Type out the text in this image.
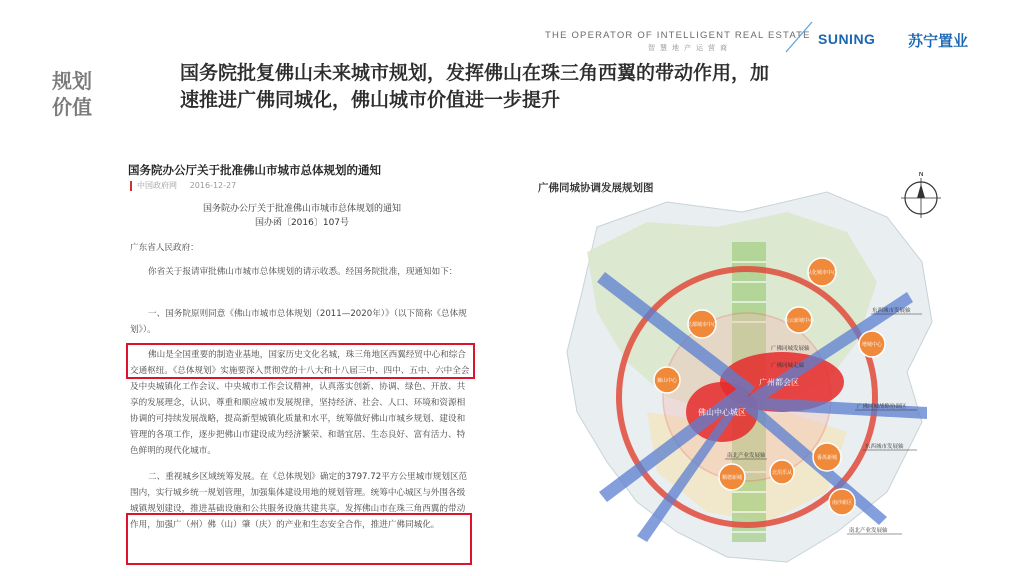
THE OPERATOR OF INTELLIGENT REAL ESTATE
智慧地产运营商
SUNING 苏宁置业
规划
价值
国务院批复佛山未来城市规划，发挥佛山在珠三角西翼的带动作用，加
速推进广佛同城化，佛山城市价值进一步提升
国务院办公厅关于批准佛山市城市总体规划的通知
中国政府网 2016-12-27
国务院办公厅关于批准佛山市城市总体规划的通知
国办函〔2016〕107号
广东省人民政府：
你省关于报请审批佛山市城市总体规划的请示收悉。经国务院批准，现通知如下：
一、国务院原则同意《佛山市城市总体规划（2011—2020年）》（以下简称《总体规划》）。
佛山是全国重要的制造业基地，国家历史文化名城，珠三角地区西翼经贸中心和综合交通枢纽。《总体规划》实施要深入贯彻党的十八大和十八届三中、四中、五中、六中全会及中央城镇化工作会议、中央城市工作会议精神，认真落实创新、协调、绿色、开放、共享的发展理念，认识、尊重和顺应城市发展规律，坚持经济、社会、人口、环境和资源相协调的可持续发展战略，提高新型城镇化质量和水平，统筹做好佛山市城乡规划、建设和管理的各项工作，逐步把佛山市建设成为经济繁荣、和谐宜居、生态良好、富有活力、特色鲜明的现代化城市。
二、重视城乡区域统筹发展。在《总体规划》确定的3797.72平方公里城市规划区范围内，实行城乡统一规划管理，加强集体建设用地的规划管理。统筹中心城区与外围各级城镇规划建设，推进基础设施和公共服务设施共建共享。发挥佛山市在珠三角西翼的带动作用，加强广（州）佛（山）肇（庆）的产业和生态安全合作，推进广佛同城化。
广佛同城协调发展规划图
广州都会区
佛山中心城区
从化城市中心
花都城市中心
白云新城中心
增城中心
狮山中心
番禺新城
南沙新区
顺德新城
北滘乐从
东西城市发展轴
广佛同城发展轴
广佛同城走廊
广佛同城战略协调区
南北产业发展轴
东西城市发展轴
南北产业发展轴
N
